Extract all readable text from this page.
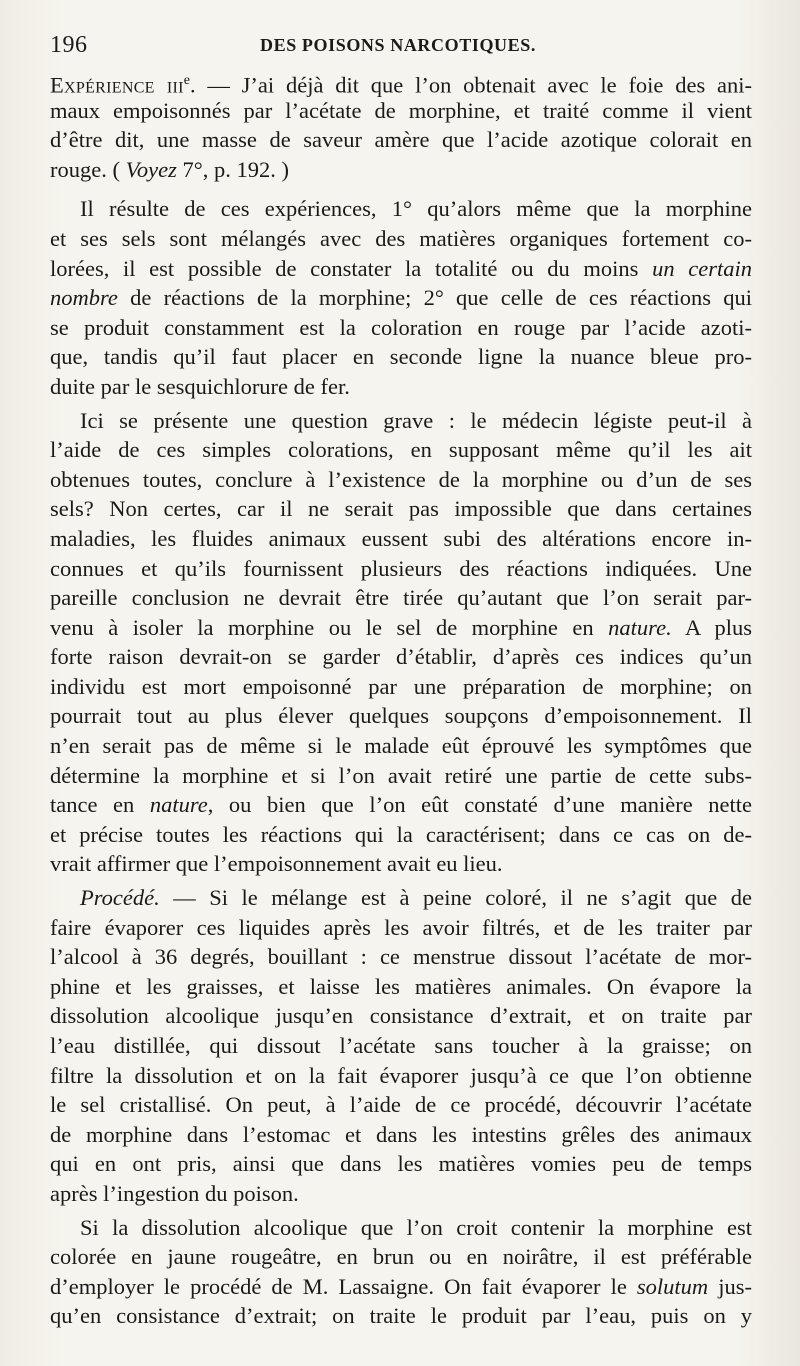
196	DES POISONS NARCOTIQUES.
Expérience iii$^e$. — J’ai déjà dit que l’on obtenait avec le foie des ani-
maux empoisonnés par l’acétate de morphine, et traité comme il vient
d’être dit, une masse de saveur amère que l’acide azotique colorait en
rouge. ( Voyez 7°, p. 192. )
Il résulte de ces expériences, 1° qu’alors même que la morphine
et ses sels sont mélangés avec des matières organiques fortement co-
lorées, il est possible de constater la totalité ou du moins un certain
nombre de réactions de la morphine; 2° que celle de ces réactions qui
se produit constamment est la coloration en rouge par l’acide azoti-
que, tandis qu’il faut placer en seconde ligne la nuance bleue pro-
duite par le sesquichlorure de fer.
Ici se présente une question grave : le médecin légiste peut-il à
l’aide de ces simples colorations, en supposant même qu’il les ait
obtenues toutes, conclure à l’existence de la morphine ou d’un de ses
sels? Non certes, car il ne serait pas impossible que dans certaines
maladies, les fluides animaux eussent subi des altérations encore in-
connues et qu’ils fournissent plusieurs des réactions indiquées. Une
pareille conclusion ne devrait être tirée qu’autant que l’on serait par-
venu à isoler la morphine ou le sel de morphine en nature. A plus
forte raison devrait-on se garder d’établir, d’après ces indices qu’un
individu est mort empoisonné par une préparation de morphine; on
pourrait tout au plus élever quelques soupçons d’empoisonnement. Il
n’en serait pas de même si le malade eût éprouvé les symptômes que
détermine la morphine et si l’on avait retiré une partie de cette subs-
tance en nature, ou bien que l’on eût constaté d’une manière nette
et précise toutes les réactions qui la caractérisent; dans ce cas on de-
vrait affirmer que l’empoisonnement avait eu lieu.
Procédé. — Si le mélange est à peine coloré, il ne s’agit que de
faire évaporer ces liquides après les avoir filtrés, et de les traiter par
l’alcool à 36 degrés, bouillant : ce menstrue dissout l’acétate de mor-
phine et les graisses, et laisse les matières animales. On évapore la
dissolution alcoolique jusqu’en consistance d’extrait, et on traite par
l’eau distillée, qui dissout l’acétate sans toucher à la graisse; on
filtre la dissolution et on la fait évaporer jusqu’à ce que l’on obtienne
le sel cristallisé. On peut, à l’aide de ce procédé, découvrir l’acétate
de morphine dans l’estomac et dans les intestins grêles des animaux
qui en ont pris, ainsi que dans les matières vomies peu de temps
après l’ingestion du poison.
Si la dissolution alcoolique que l’on croit contenir la morphine est
colorée en jaune rougeâtre, en brun ou en noirâtre, il est préférable
d’employer le procédé de M. Lassaigne. On fait évaporer le solutum jus-
qu’en consistance d’extrait; on traite le produit par l’eau, puis on y
